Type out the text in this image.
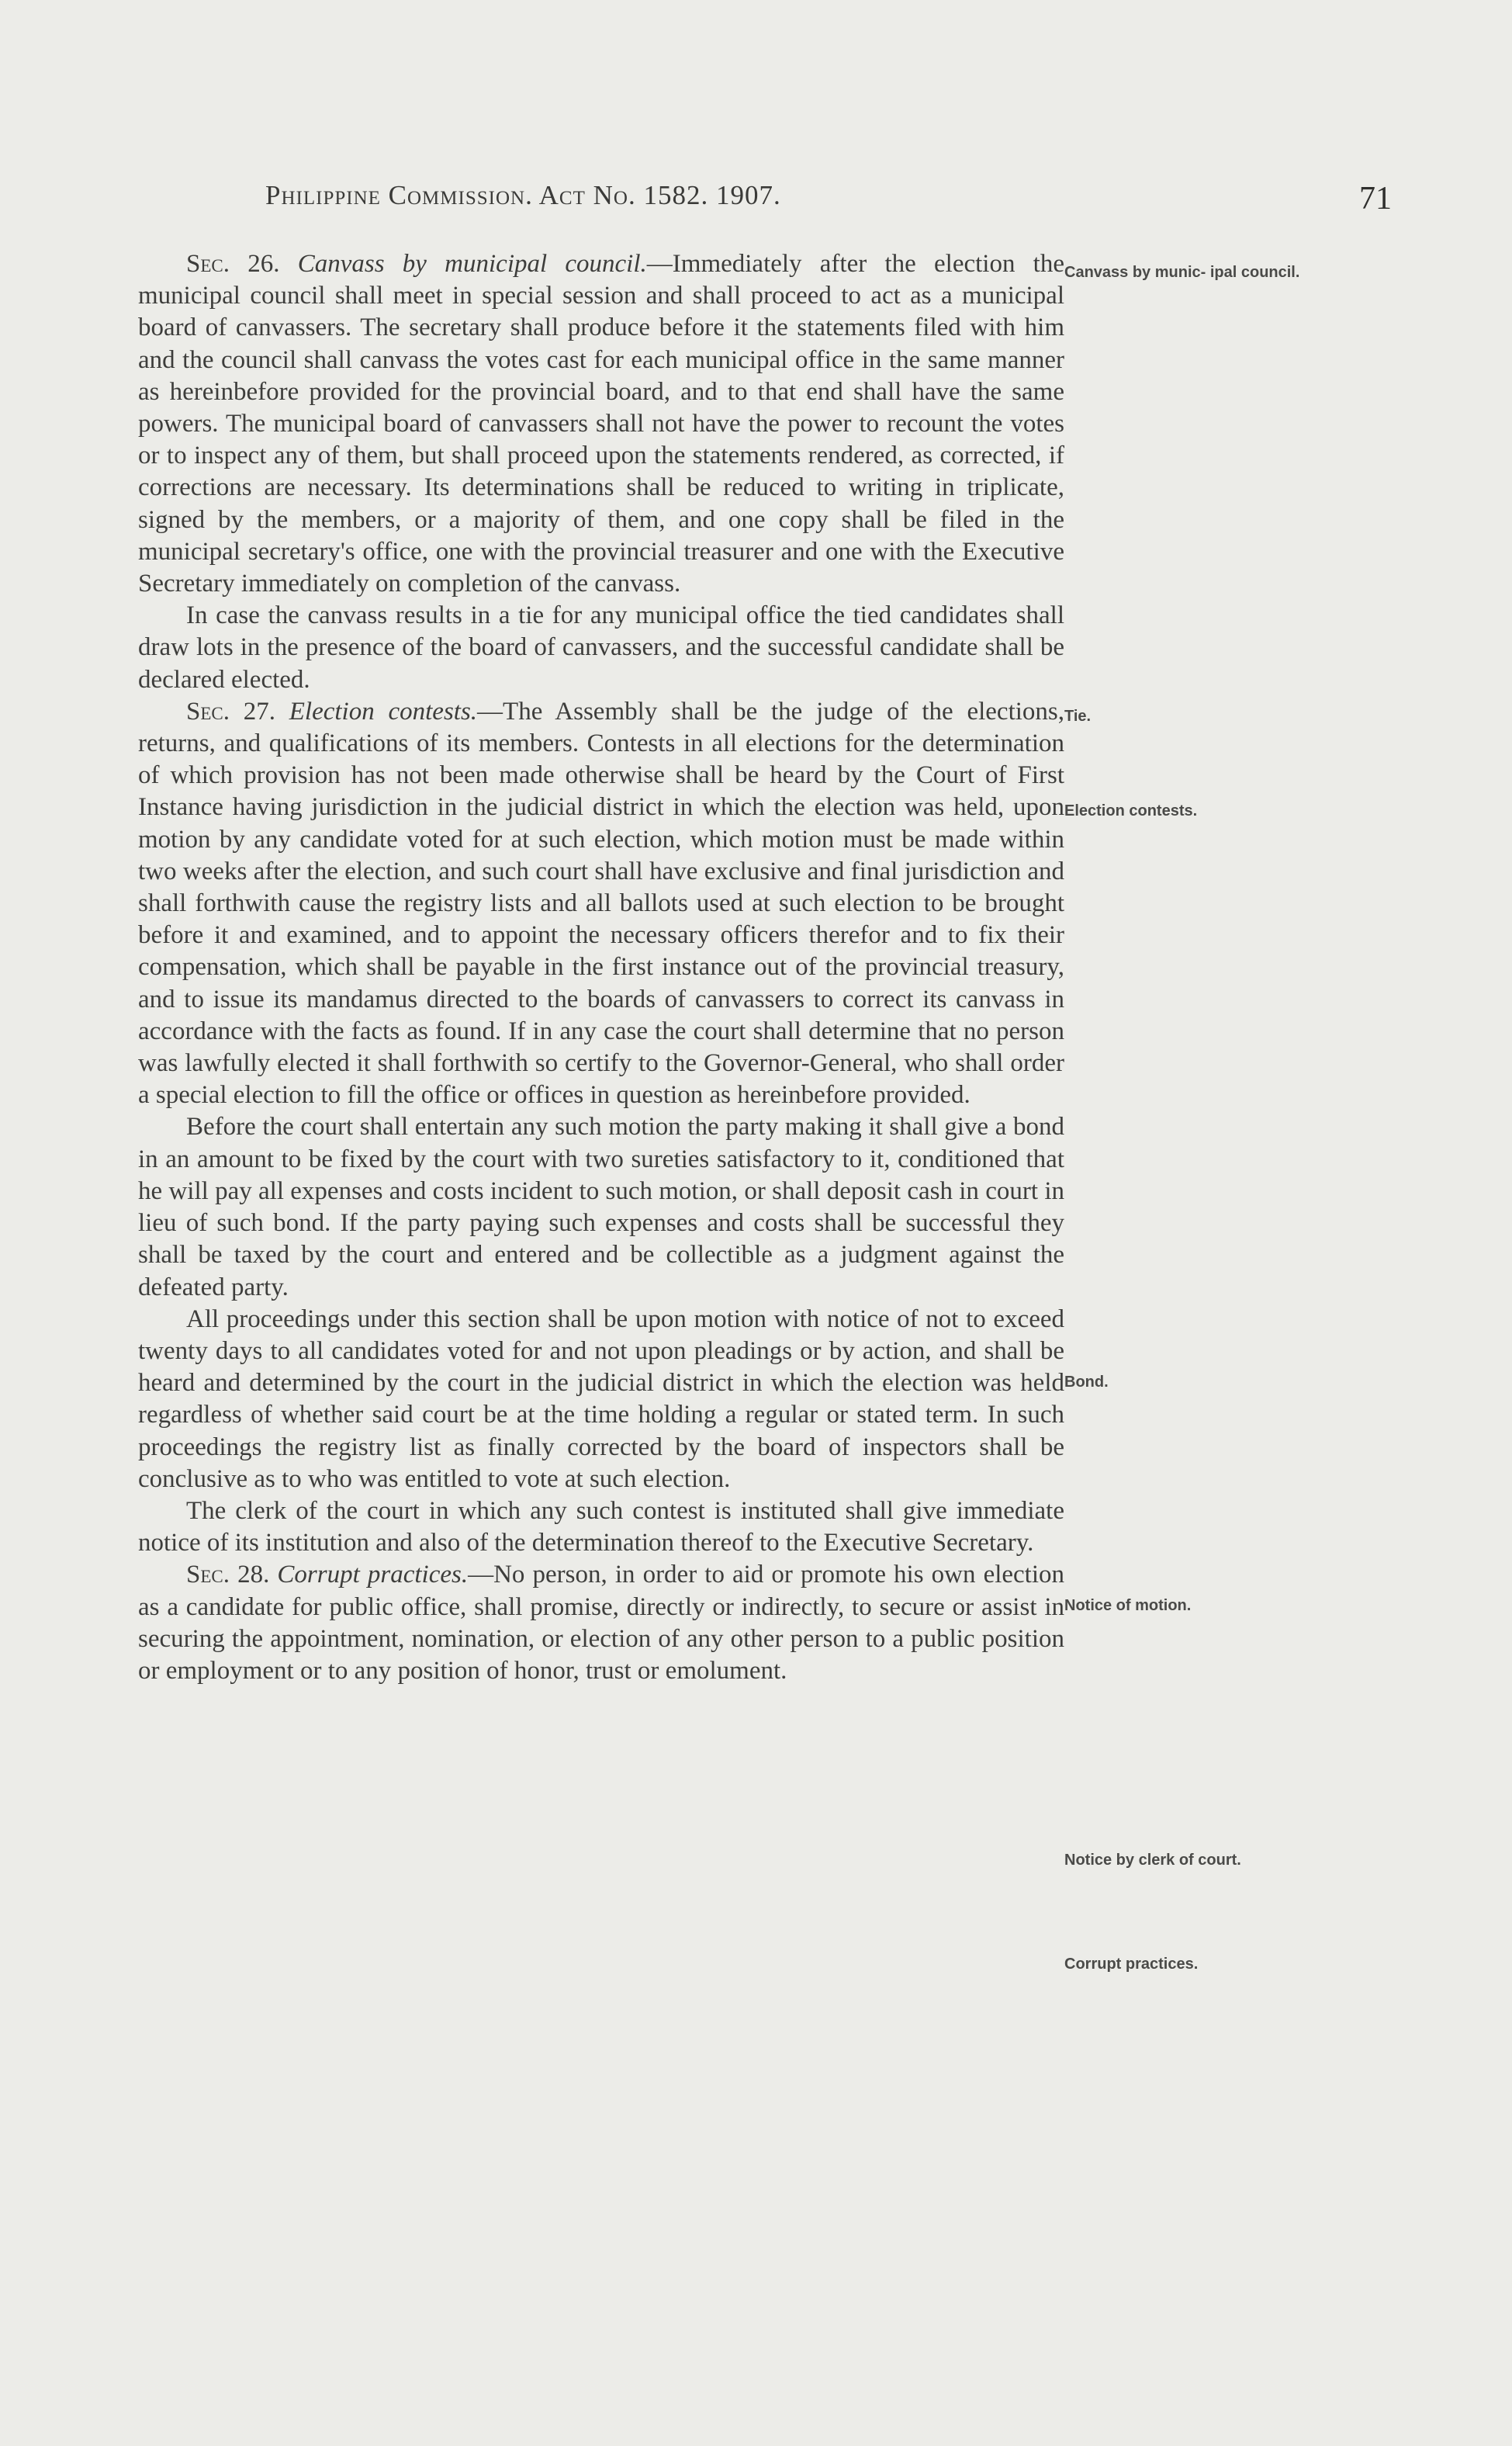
Philippine Commission. Act No. 1582. 1907.	71

Sec. 26. Canvass by municipal council.—Immediately after the election the municipal council shall meet in special session and shall proceed to act as a municipal board of canvassers. The secretary shall produce before it the statements filed with him and the council shall canvass the votes cast for each municipal office in the same manner as hereinbefore provided for the provincial board, and to that end shall have the same powers. The municipal board of canvassers shall not have the power to recount the votes or to inspect any of them, but shall proceed upon the statements rendered, as corrected, if corrections are necessary. Its determinations shall be reduced to writing in triplicate, signed by the members, or a majority of them, and one copy shall be filed in the municipal secretary's office, one with the provincial treasurer and one with the Executive Secretary immediately on completion of the canvass.

In case the canvass results in a tie for any municipal office the tied candidates shall draw lots in the presence of the board of canvassers, and the successful candidate shall be declared elected.

Sec. 27. Election contests.—The Assembly shall be the judge of the elections, returns, and qualifications of its members. Contests in all elections for the determination of which provision has not been made otherwise shall be heard by the Court of First Instance having jurisdiction in the judicial district in which the election was held, upon motion by any candidate voted for at such election, which motion must be made within two weeks after the election, and such court shall have exclusive and final jurisdiction and shall forthwith cause the registry lists and all ballots used at such election to be brought before it and examined, and to appoint the necessary officers therefor and to fix their compensation, which shall be payable in the first instance out of the provincial treasury, and to issue its mandamus directed to the boards of canvassers to correct its canvass in accordance with the facts as found. If in any case the court shall determine that no person was lawfully elected it shall forthwith so certify to the Governor-General, who shall order a special election to fill the office or offices in question as hereinbefore provided.

Before the court shall entertain any such motion the party making it shall give a bond in an amount to be fixed by the court with two sureties satisfactory to it, conditioned that he will pay all expenses and costs incident to such motion, or shall deposit cash in court in lieu of such bond. If the party paying such expenses and costs shall be successful they shall be taxed by the court and entered and be collectible as a judgment against the defeated party.

All proceedings under this section shall be upon motion with notice of not to exceed twenty days to all candidates voted for and not upon pleadings or by action, and shall be heard and determined by the court in the judicial district in which the election was held regardless of whether said court be at the time holding a regular or stated term. In such proceedings the registry list as finally corrected by the board of inspectors shall be conclusive as to who was entitled to vote at such election.

The clerk of the court in which any such contest is instituted shall give immediate notice of its institution and also of the determination thereof to the Executive Secretary.

Sec. 28. Corrupt practices.—No person, in order to aid or promote his own election as a candidate for public office, shall promise, directly or indirectly, to secure or assist in securing the appointment, nomination, or election of any other person to a public position or employment or to any position of honor, trust or emolument.

Canvass by munic- ipal council.
Tie.
Election contests.
Bond.
Notice of motion.
Notice by clerk of court.
Corrupt practices.
